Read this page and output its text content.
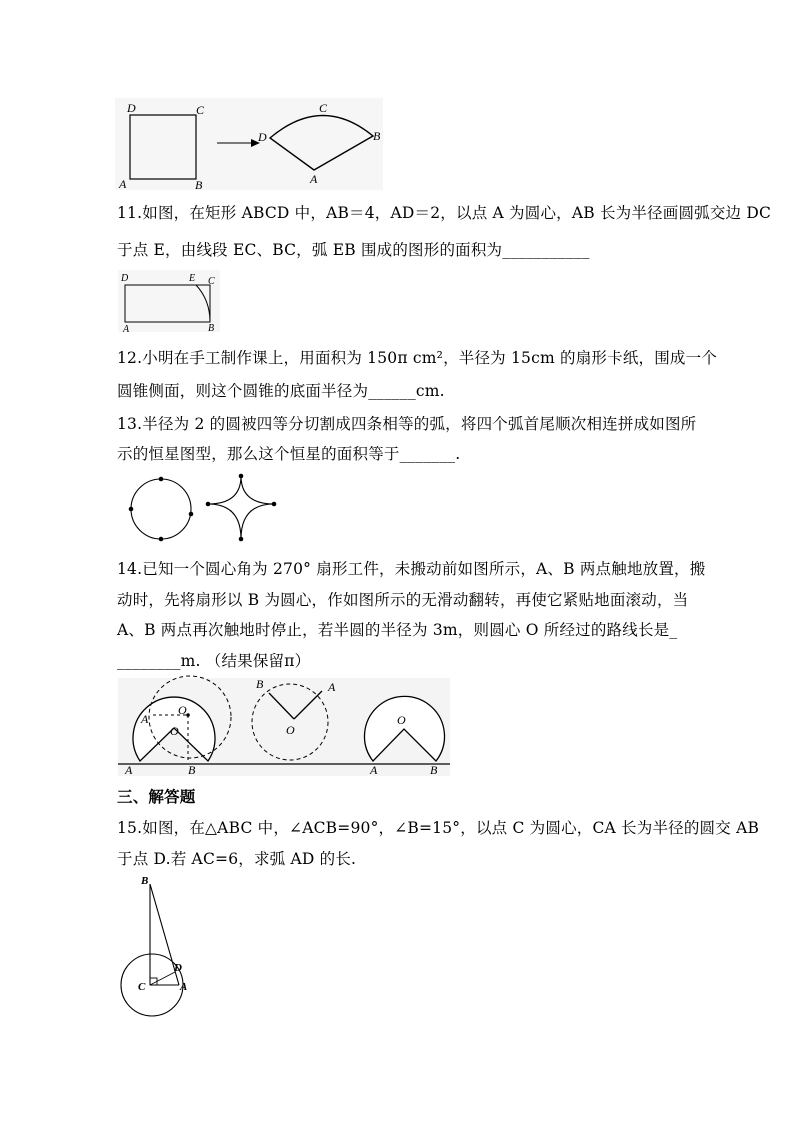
D	C
A	B
C
D	B
A
11.如图，在矩形 ABCD 中，AB＝4，AD＝2，以点 A 为圆心，AB 长为半径画圆弧交边 DC
于点 E，由线段 EC、BC，弧 EB 围成的图形的面积为___________
D	E C
A	B
12.小明在手工制作课上，用面积为 150π cm²，半径为 15cm 的扇形卡纸，围成一个
圆锥侧面，则这个圆锥的底面半径为______cm.
13.半径为 2 的圆被四等分切割成四条相等的弧，将四个弧首尾顺次相连拼成如图所
示的恒星图型，那么这个恒星的面积等于_______.
14.已知一个圆心角为 270° 扇形工件，未搬动前如图所示，A、B 两点触地放置，搬
动时，先将扇形以 B 为圆心，作如图所示的无滑动翻转，再使它紧贴地面滚动，当
A、B 两点再次触地时停止，若半圆的半径为 3m，则圆心 O 所经过的路线长是_
________m. （结果保留π）
A
O
O
A	B
B	A
O
O
A	B
三、解答题
15.如图，在△ABC 中，∠ACB=90°，∠B=15°，以点 C 为圆心，CA 长为半径的圆交 AB
于点 D.若 AC=6，求弧 AD 的长.
B
D
C	A
